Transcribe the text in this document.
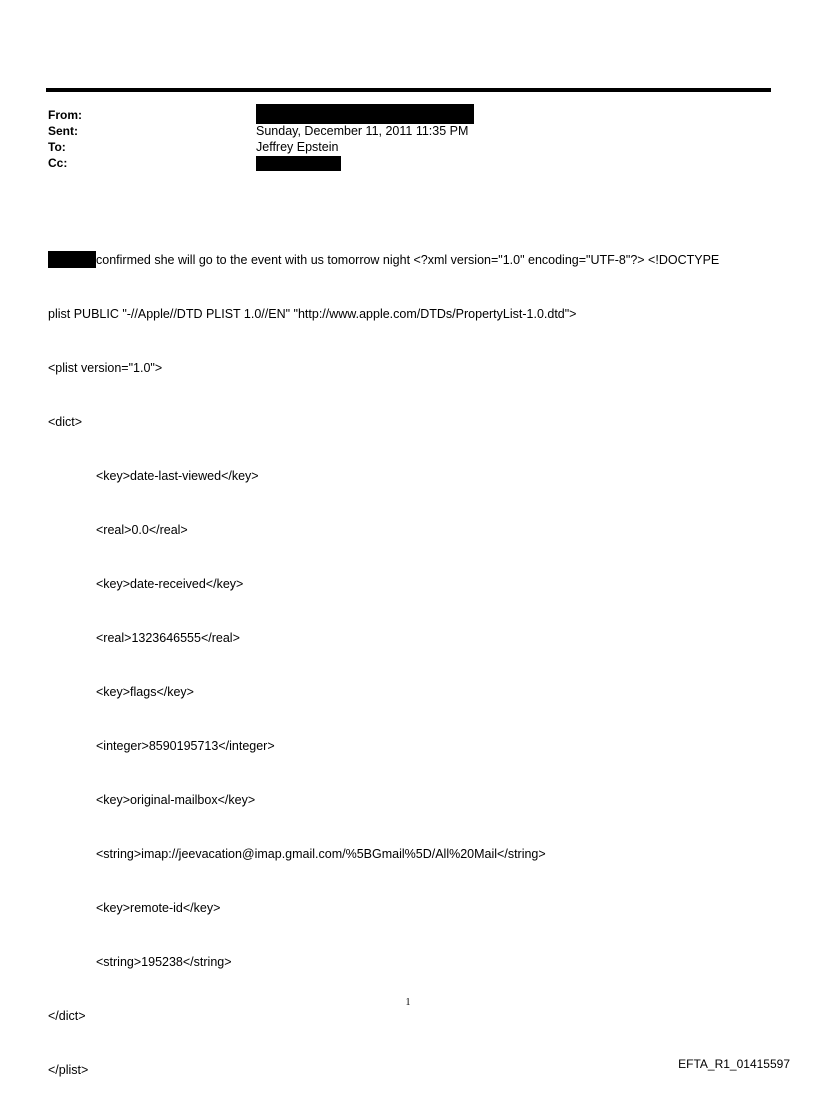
From:
Sent:	Sunday, December 11, 2011 11:35 PM
To:	Jeffrey Epstein
Cc:

confirmed she will go to the event with us tomorrow night <?xml version="1.0" encoding="UTF-8"?> <!DOCTYPE

plist PUBLIC "-//Apple//DTD PLIST 1.0//EN" "http://www.apple.com/DTDs/PropertyList-1.0.dtd">

<plist version="1.0">

<dict>

<key>date-last-viewed</key>

<real>0.0</real>

<key>date-received</key>

<real>1323646555</real>

<key>flags</key>

<integer>8590195713</integer>

<key>original-mailbox</key>

<string>imap://jeevacation@imap.gmail.com/%5BGmail%5D/All%20Mail</string>

<key>remote-id</key>

<string>195238</string>

</dict>

</plist>

1
EFTA_R1_01415597
